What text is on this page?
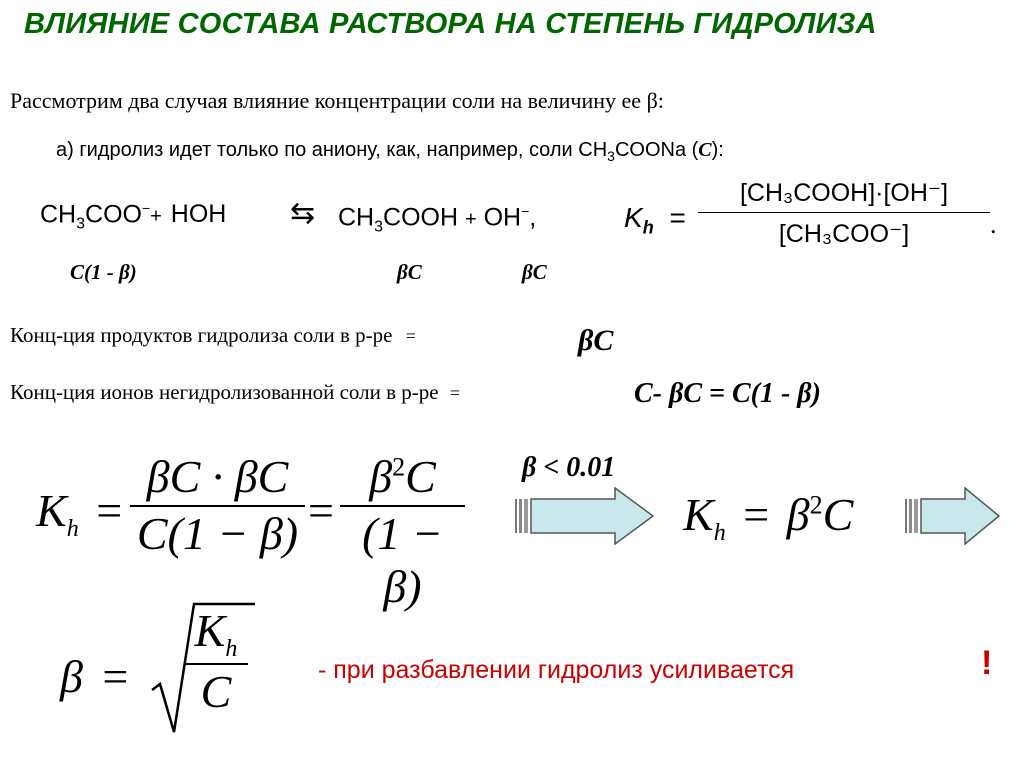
ВЛИЯНИЕ СОСТАВА РАСТВОРА НА СТЕПЕНЬ ГИДРОЛИЗА
Рассмотрим два случая влияние концентрации соли на величину ее β:
а) гидролиз идет только по аниону, как, например, соли $CH_3COONa$ (C):
$CH_3COO^-+$ HOH ⇆ $CH_3COOH + OH^-$,	$K_h$ =
[CH₃COOH]·[OH⁻]
[CH₃COO⁻]	.
C(1 - β)	βC	βC
Конц-ция продуктов гидролиза соли в р-ре =	βC
Конц-ция ионов негидролизованной соли в р-ре =	C- βC = C(1 - β)
$K_h$ =
βC · βC
C(1 − β) =
$\beta^2C$
(1 − β)
β < 0.01
$K_h = \beta^2C$
β =
$K_h$
C	- при разбавлении гидролиз усиливается	!
